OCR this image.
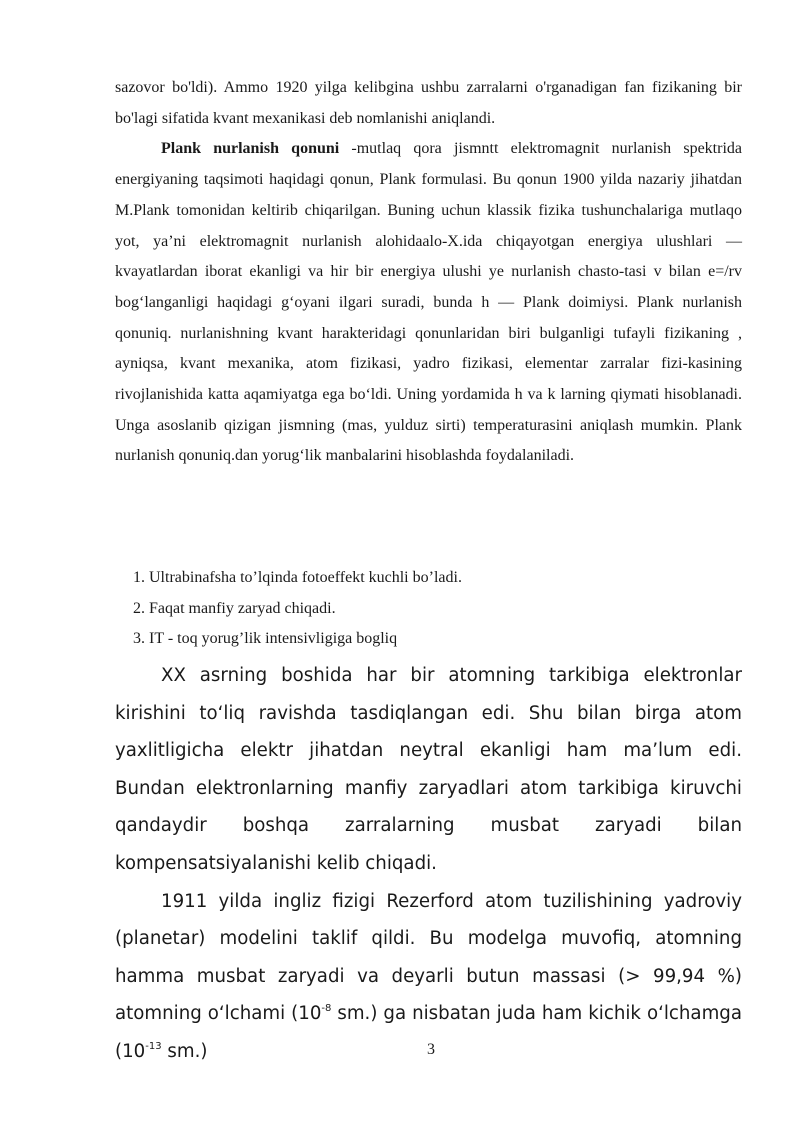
sazovor bo'ldi). Ammo 1920 yilga kelibgina ushbu zarralarni o'rganadigan fan fizikaning bir bo'lagi sifatida kvant mexanikasi deb nomlanishi aniqlandi.

Plank nurlanish qonuni -mutlaq qora jismntt elektromagnit nurlanish spektrida energiyaning taqsimoti haqidagi qonun, Plank formulasi. Bu qonun 1900 yilda nazariy jihatdan M.Plank tomonidan keltirib chiqarilgan. Buning uchun klassik fizika tushunchalariga mutlaqo yot, ya’ni elektromagnit nurlanish alohidaalo-X.ida chiqayotgan energiya ulushlari — kvayatlardan iborat ekanligi va hir bir energiya ulushi ye nurlanish chasto-tasi v bilan e=/rv bog‘langanligi haqidagi g‘oyani ilgari suradi, bunda h — Plank doimiysi. Plank nurlanish qonuniq. nurlanishning kvant harakteridagi qonunlaridan biri bulganligi tufayli fizikaning , ayniqsa, kvant mexanika, atom fizikasi, yadro fizikasi, elementar zarralar fizi-kasining rivojlanishida katta aqamiyatga ega bo‘ldi. Uning yordamida h va k larning qiymati hisoblanadi. Unga asoslanib qizigan jismning (mas, yulduz sirti) temperaturasini aniqlash mumkin. Plank nurlanish qonuniq.dan yorug‘lik manbalarini hisoblashda foydalaniladi.

1. Ultrabinafsha to’lqinda fotoeffekt kuchli bo’ladi.
2. Faqat manfiy zaryad chiqadi.
3. IT - toq yorug’lik intensivligiga bogliq

XX asrning boshida har bir atomning tarkibiga elektronlar kirishini to‘liq ravishda tasdiqlangan edi. Shu bilan birga atom yaxlitligicha elektr jihatdan neytral ekanligi ham ma’lum edi. Bundan elektronlarning manfiy zaryadlari atom tarkibiga kiruvchi qandaydir boshqa zarralarning musbat zaryadi bilan kompensatsiyalanishi kelib chiqadi.

1911 yilda ingliz fizigi Rezerford atom tuzilishining yadroviy (planetar) modelini taklif qildi. Bu modelga muvofiq, atomning hamma musbat zaryadi va deyarli butun massasi (> 99,94 %) atomning o‘lchami ($10^{-8}$ sm.) ga nisbatan juda ham kichik o‘lchamga ($10^{-13}$ sm.)	3
